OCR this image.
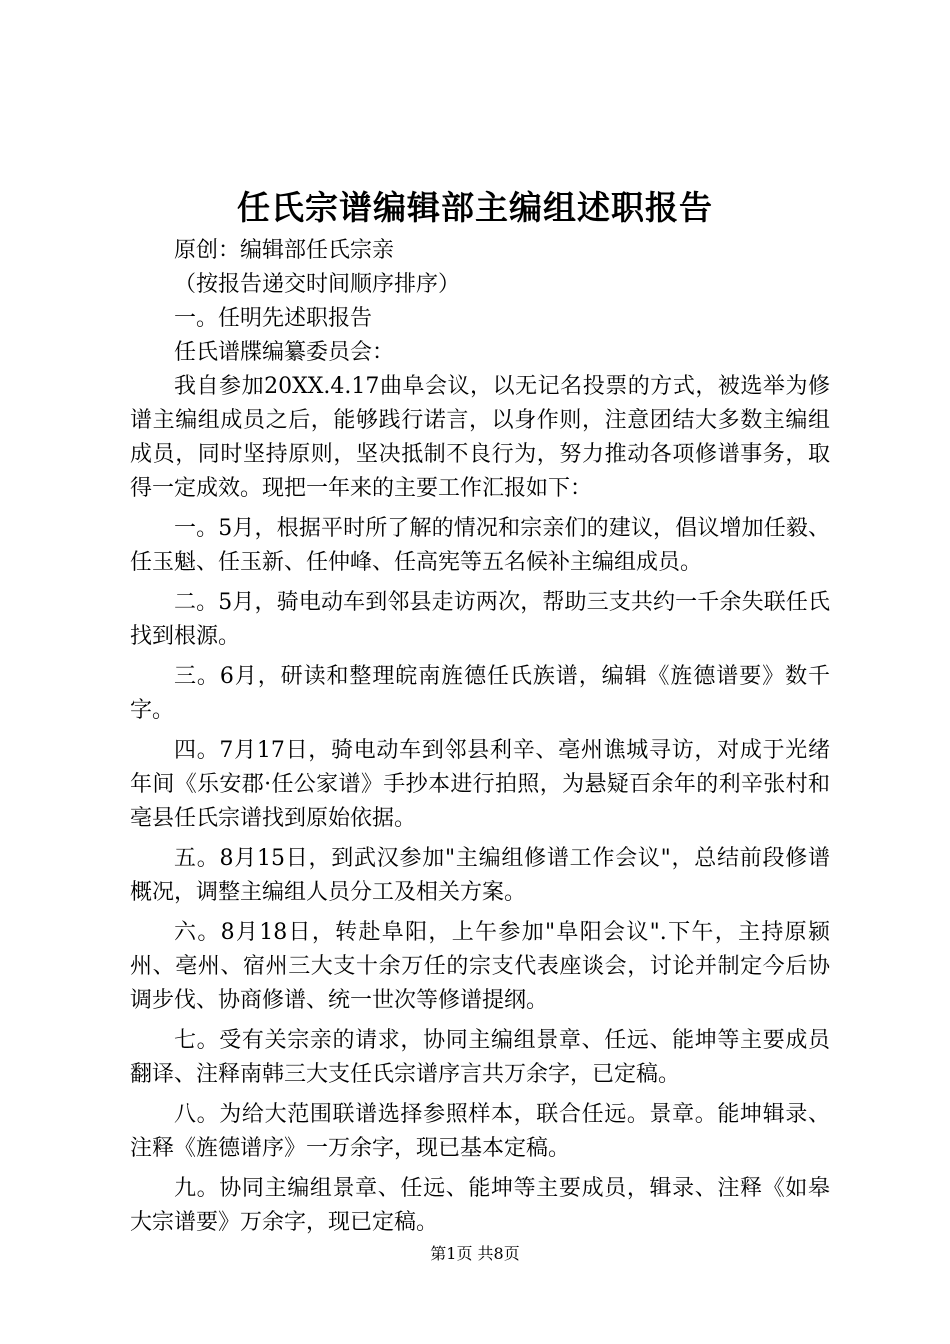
任氏宗谱编辑部主编组述职报告

原创：编辑部任氏宗亲

（按报告递交时间顺序排序）

一。任明先述职报告

任氏谱牒编纂委员会：

我自参加20XX.4.17曲阜会议，以无记名投票的方式，被选举为修谱主编组成员之后，能够践行诺言，以身作则，注意团结大多数主编组成员，同时坚持原则，坚决抵制不良行为，努力推动各项修谱事务，取得一定成效。现把一年来的主要工作汇报如下：

一。5月，根据平时所了解的情况和宗亲们的建议，倡议增加任毅、任玉魁、任玉新、任仲峰、任高宪等五名候补主编组成员。

二。5月，骑电动车到邻县走访两次，帮助三支共约一千余失联任氏找到根源。

三。6月，研读和整理皖南旌德任氏族谱，编辑《旌德谱要》数千字。

四。7月17日，骑电动车到邻县利辛、亳州谯城寻访，对成于光绪年间《乐安郡·任公家谱》手抄本进行拍照，为悬疑百余年的利辛张村和亳县任氏宗谱找到原始依据。

五。8月15日，到武汉参加"主编组修谱工作会议"，总结前段修谱概况，调整主编组人员分工及相关方案。

六。8月18日，转赴阜阳，上午参加"阜阳会议".下午，主持原颍州、亳州、宿州三大支十余万任的宗支代表座谈会，讨论并制定今后协调步伐、协商修谱、统一世次等修谱提纲。

七。受有关宗亲的请求，协同主编组景章、任远、能坤等主要成员翻译、注释南韩三大支任氏宗谱序言共万余字，已定稿。

八。为给大范围联谱选择参照样本，联合任远。景章。能坤辑录、注释《旌德谱序》一万余字，现已基本定稿。

九。协同主编组景章、任远、能坤等主要成员，辑录、注释《如皋大宗谱要》万余字，现已定稿。

第1页 共8页
